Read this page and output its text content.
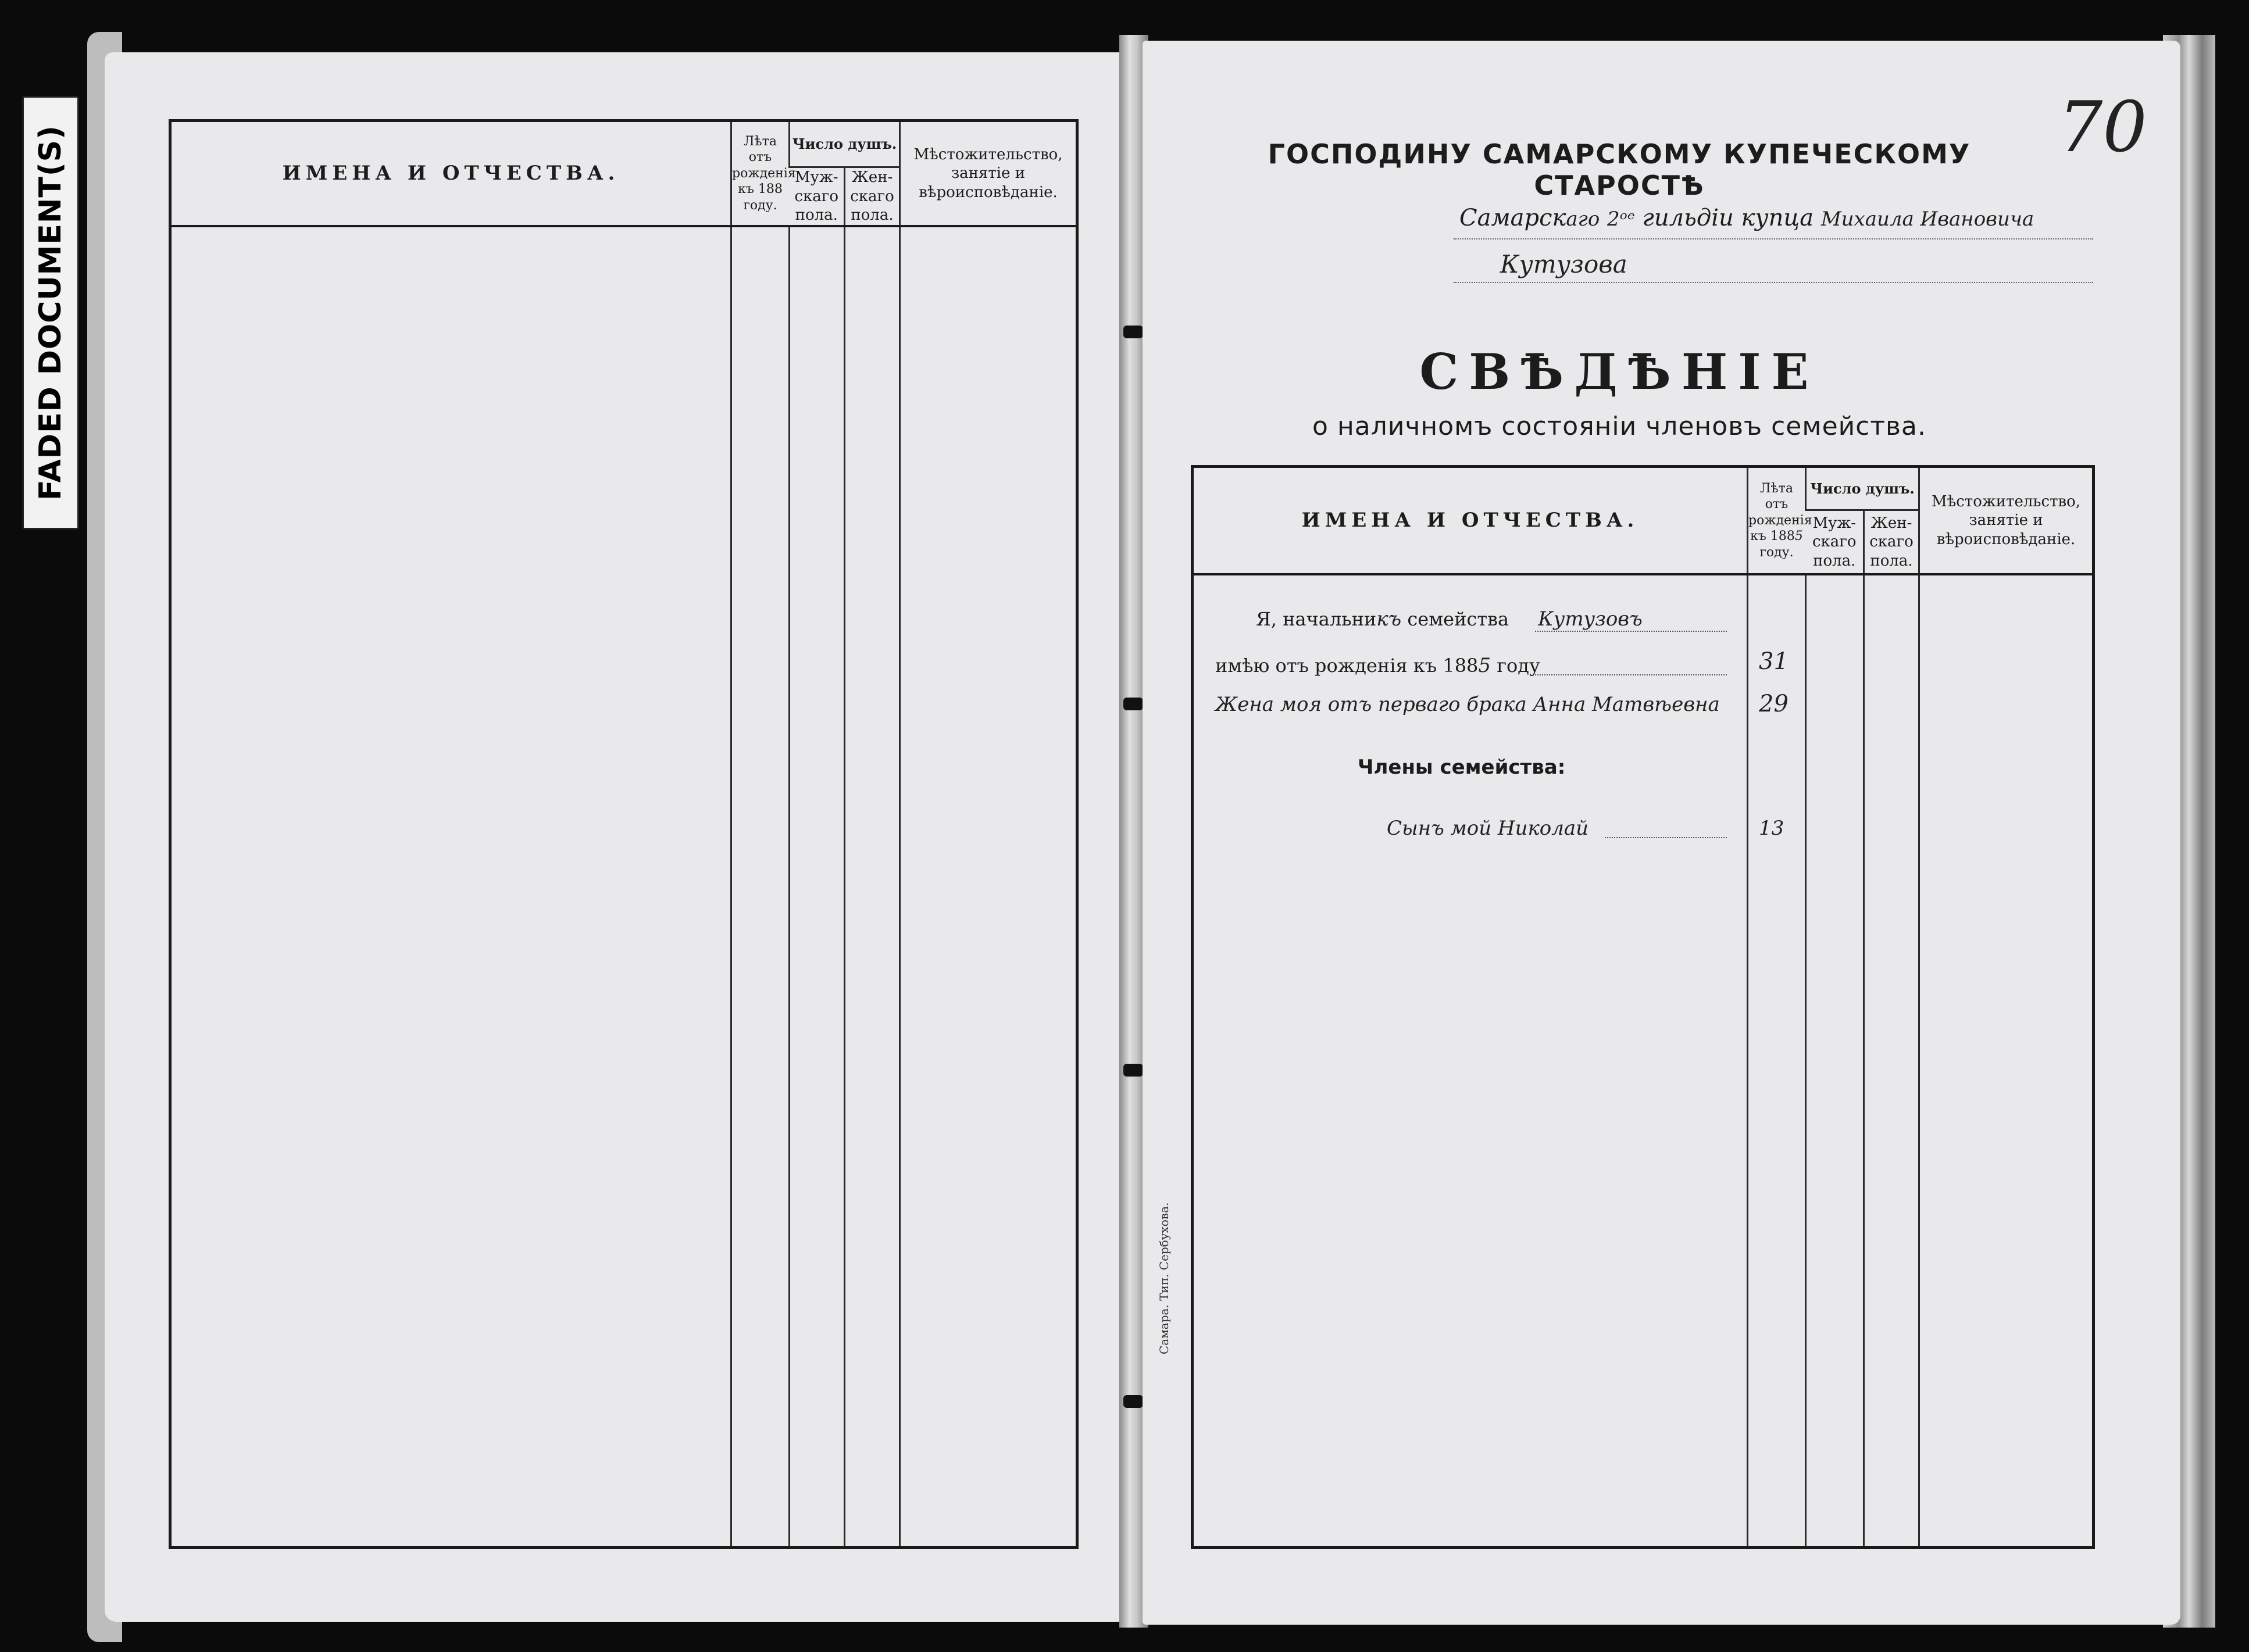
FADED DOCUMENT(S)	ИМЕНА И ОТЧЕСТВА.	Лѣта отъ рожденія къ 188 году.	Число душъ.		Мѣстожительство, занятіе и вѣроисповѣданіе.
		Муж-скаго пола.	Жен-скаго пола.	

70
ГОСПОДИНУ САМАРСКОМУ КУПЕЧЕСКОМУ СТАРОСТѢ
Самарскаго 2ᵒᵉ гильдіи купца Михаила Ивановича
Кутузова
СВѢДѢНІЕ
о наличномъ состояніи членовъ семейства.
ИМЕНА И ОТЧЕСТВА.	Лѣта отъ рожденія къ 1885 году.	Число душъ.		Мѣстожительство, занятіе и вѣроисповѣданіе.
		Муж-скаго пола.	Жен-скаго пола.	

Я, начальникъ семейства Кутузовъ
имѣю отъ рожденія къ 1885 году	31
Жена моя отъ перваго брака Анна Матвѣевна 29
Члены семейства:
Сынъ мой Николай	13
Самара. Тип. Сербухова.
